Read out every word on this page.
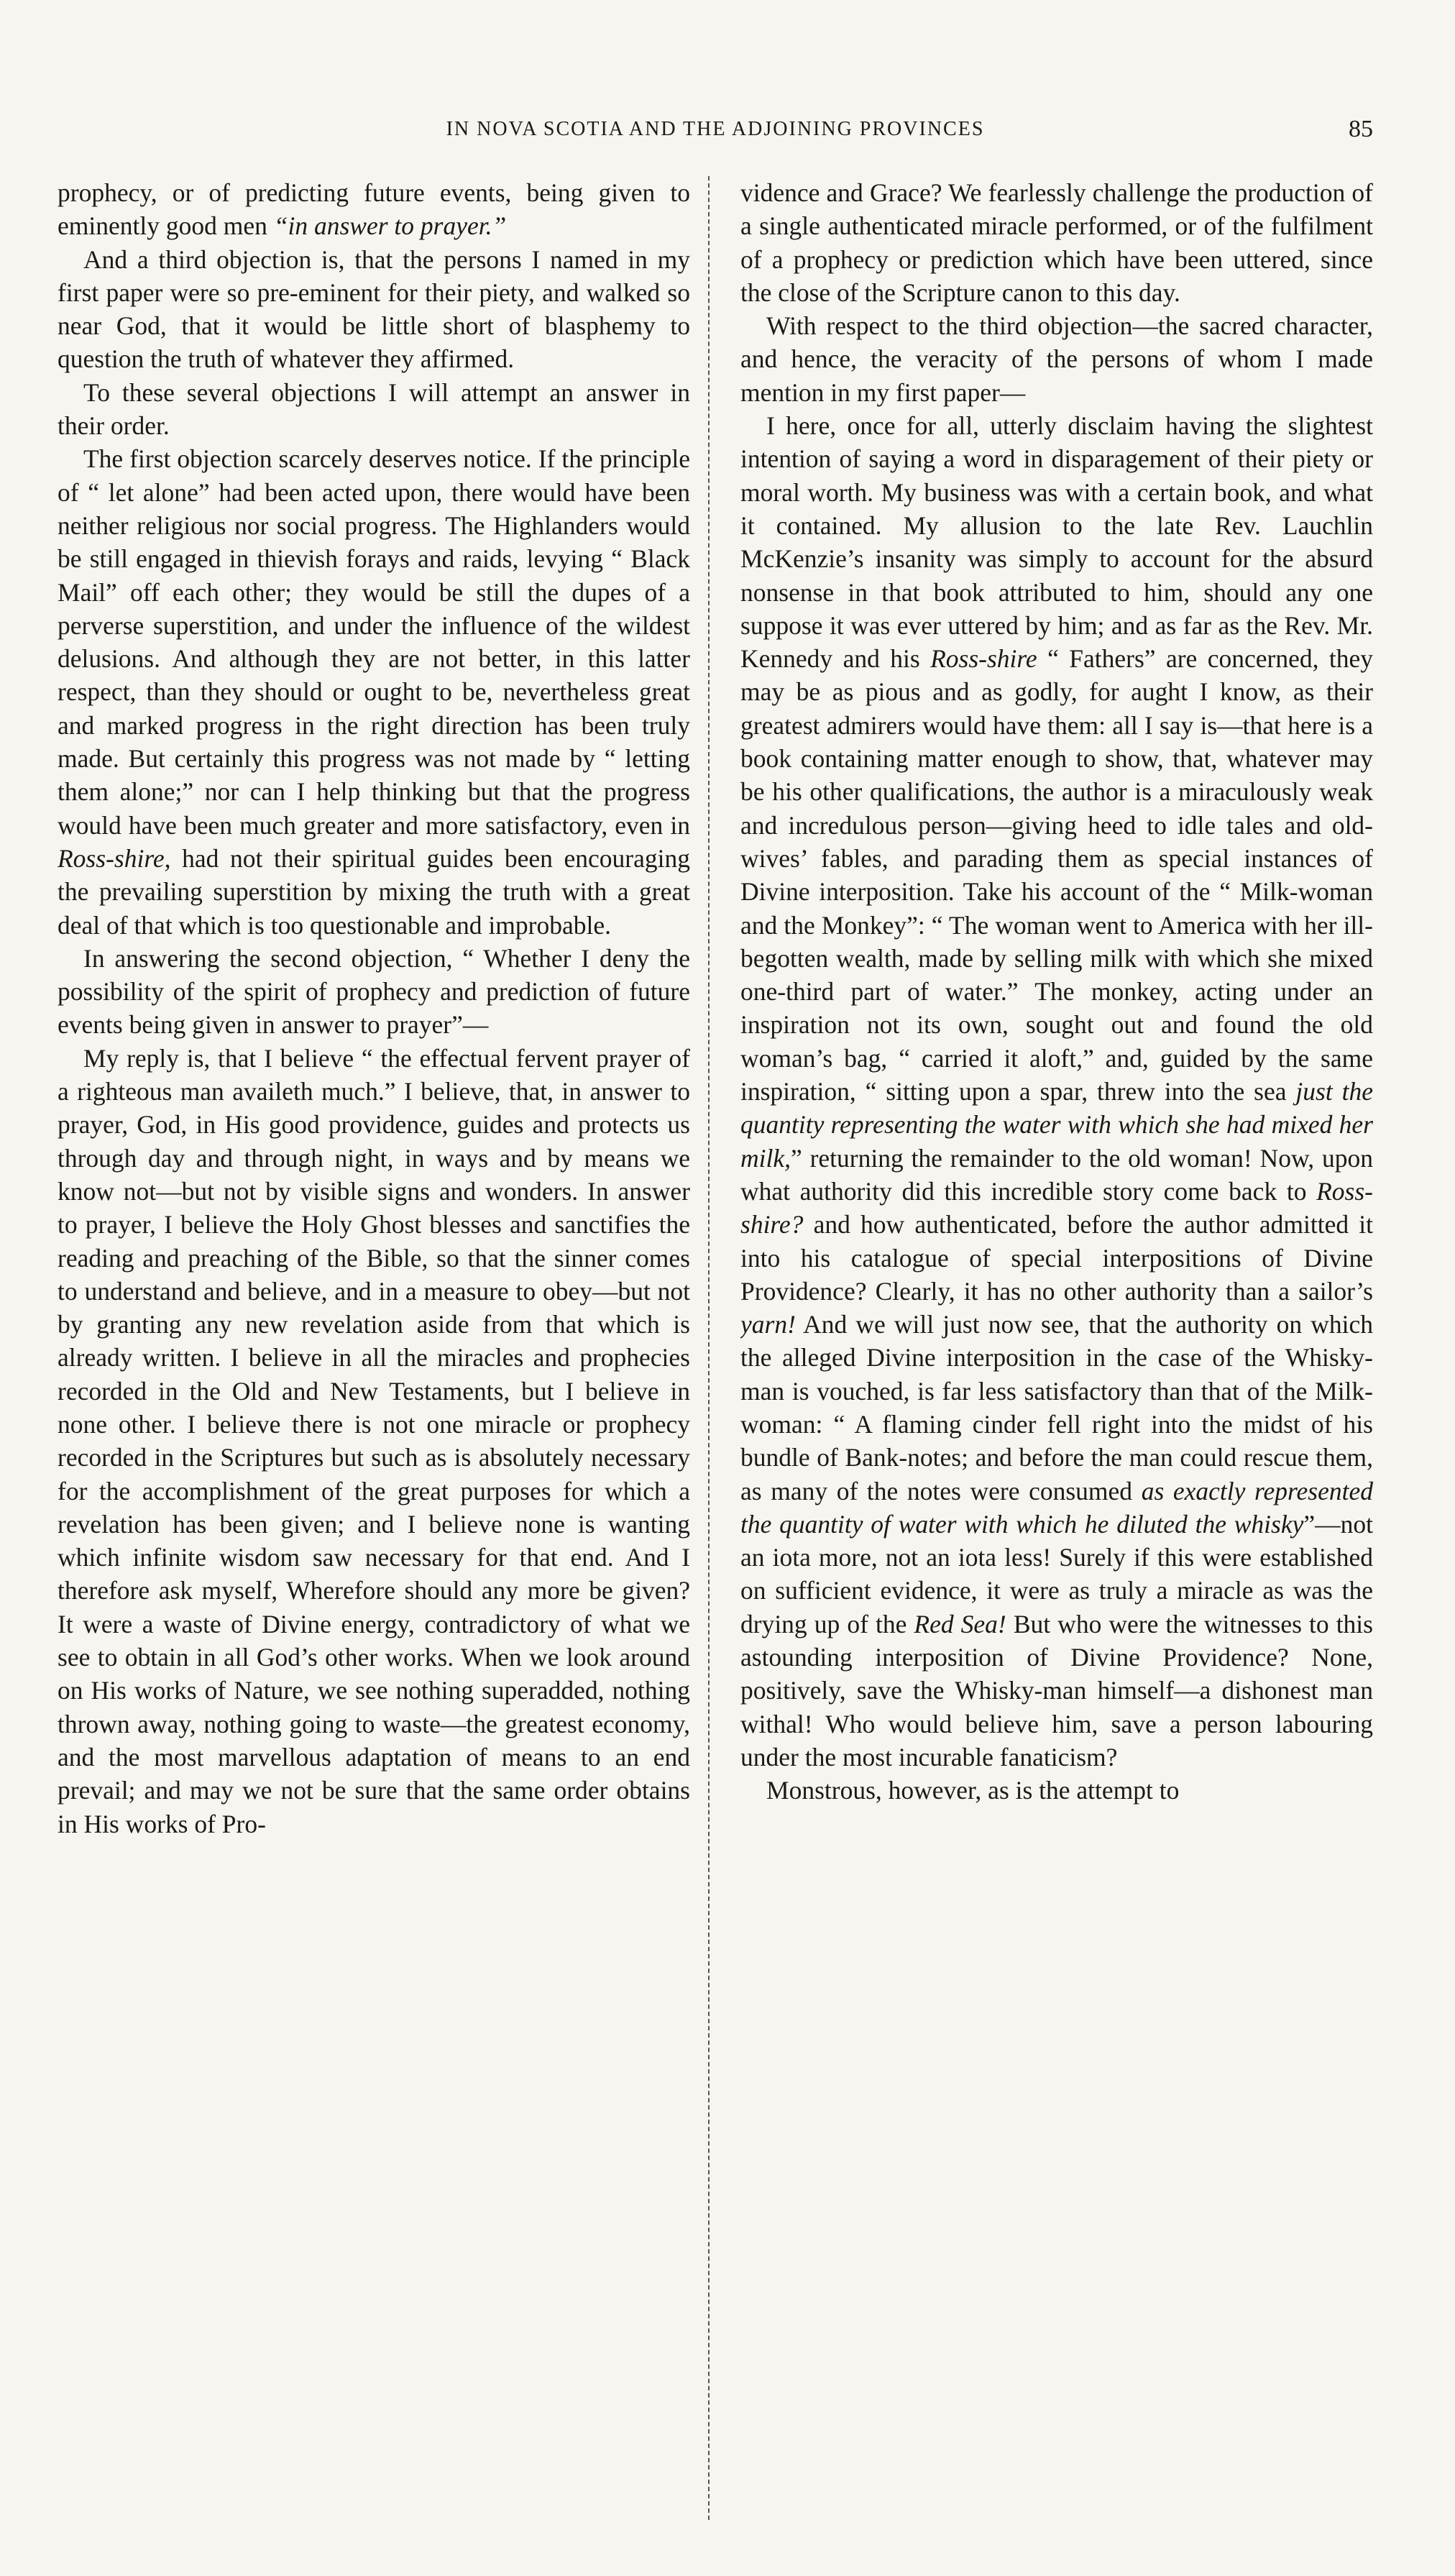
IN NOVA SCOTIA AND THE ADJOINING PROVINCES	85

prophecy, or of predicting future events, being given to eminently good men “in answer to prayer.”

And a third objection is, that the persons I named in my first paper were so pre-eminent for their piety, and walked so near God, that it would be little short of blasphemy to question the truth of whatever they affirmed.

To these several objections I will attempt an answer in their order.

The first objection scarcely deserves notice. If the principle of “ let alone” had been acted upon, there would have been neither religious nor social progress. The Highlanders would be still engaged in thievish forays and raids, levying “ Black Mail” off each other; they would be still the dupes of a perverse superstition, and under the influence of the wildest delusions. And although they are not better, in this latter respect, than they should or ought to be, nevertheless great and marked progress in the right direction has been truly made. But certainly this progress was not made by “ letting them alone;” nor can I help thinking but that the progress would have been much greater and more satisfactory, even in Ross-shire, had not their spiritual guides been encouraging the prevailing superstition by mixing the truth with a great deal of that which is too questionable and improbable.

In answering the second objection, “ Whether I deny the possibility of the spirit of prophecy and prediction of future events being given in answer to prayer”—

My reply is, that I believe “ the effectual fervent prayer of a righteous man availeth much.” I believe, that, in answer to prayer, God, in His good providence, guides and protects us through day and through night, in ways and by means we know not—but not by visible signs and wonders. In answer to prayer, I believe the Holy Ghost blesses and sanctifies the reading and preaching of the Bible, so that the sinner comes to understand and believe, and in a measure to obey—but not by granting any new revelation aside from that which is already written. I believe in all the miracles and prophecies recorded in the Old and New Testaments, but I believe in none other. I believe there is not one miracle or prophecy recorded in the Scriptures but such as is absolutely necessary for the accomplishment of the great purposes for which a revelation has been given; and I believe none is wanting which infinite wisdom saw necessary for that end. And I therefore ask myself, Wherefore should any more be given? It were a waste of Divine energy, contradictory of what we see to obtain in all God’s other works. When we look around on His works of Nature, we see nothing superadded, nothing thrown away, nothing going to waste—the greatest economy, and the most marvellous adaptation of means to an end prevail; and may we not be sure that the same order obtains in His works of Pro-

vidence and Grace? We fearlessly challenge the production of a single authenticated miracle performed, or of the fulfilment of a prophecy or prediction which have been uttered, since the close of the Scripture canon to this day.

With respect to the third objection—the sacred character, and hence, the veracity of the persons of whom I made mention in my first paper—

I here, once for all, utterly disclaim having the slightest intention of saying a word in disparagement of their piety or moral worth. My business was with a certain book, and what it contained. My allusion to the late Rev. Lauchlin McKenzie’s insanity was simply to account for the absurd nonsense in that book attributed to him, should any one suppose it was ever uttered by him; and as far as the Rev. Mr. Kennedy and his Ross-shire “ Fathers” are concerned, they may be as pious and as godly, for aught I know, as their greatest admirers would have them: all I say is—that here is a book containing matter enough to show, that, whatever may be his other qualifications, the author is a miraculously weak and incredulous person—giving heed to idle tales and old-wives’ fables, and parading them as special instances of Divine interposition. Take his account of the “ Milk-woman and the Monkey”: “ The woman went to America with her ill-begotten wealth, made by selling milk with which she mixed one-third part of water.” The monkey, acting under an inspiration not its own, sought out and found the old woman’s bag, “ carried it aloft,” and, guided by the same inspiration, “ sitting upon a spar, threw into the sea just the quantity representing the water with which she had mixed her milk,” returning the remainder to the old woman! Now, upon what authority did this incredible story come back to Ross-shire? and how authenticated, before the author admitted it into his catalogue of special interpositions of Divine Providence? Clearly, it has no other authority than a sailor’s yarn! And we will just now see, that the authority on which the alleged Divine interposition in the case of the Whisky-man is vouched, is far less satisfactory than that of the Milk-woman: “ A flaming cinder fell right into the midst of his bundle of Bank-notes; and before the man could rescue them, as many of the notes were consumed as exactly represented the quantity of water with which he diluted the whisky”—not an iota more, not an iota less! Surely if this were established on sufficient evidence, it were as truly a miracle as was the drying up of the Red Sea! But who were the witnesses to this astounding interposition of Divine Providence? None, positively, save the Whisky-man himself—a dishonest man withal! Who would believe him, save a person labouring under the most incurable fanaticism?

Monstrous, however, as is the attempt to
